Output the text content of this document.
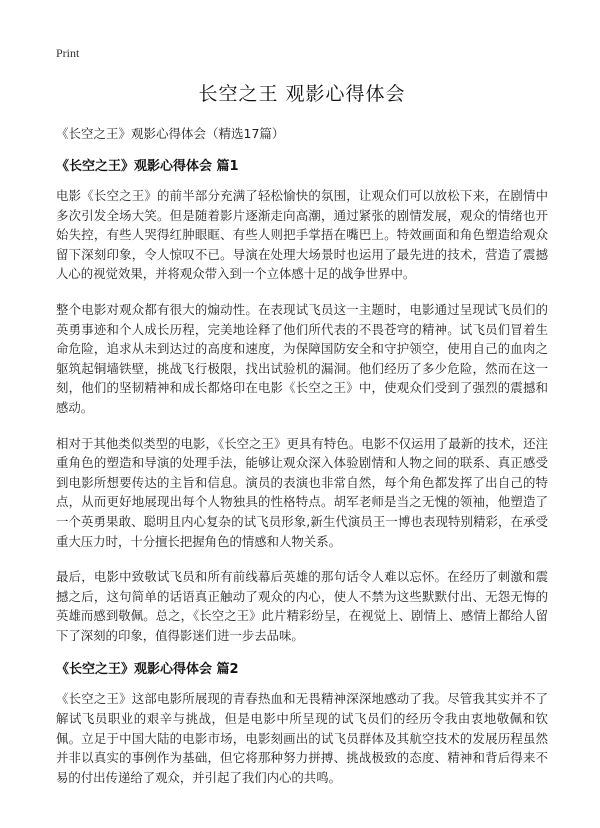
Print
长空之王 观影心得体会
《长空之王》观影心得体会（精选17篇）
《长空之王》观影心得体会 篇1

电影《长空之王》的前半部分充满了轻松愉快的氛围，让观众们可以放松下来，在剧情中多次引发全场大笑。但是随着影片逐渐走向高潮，通过紧张的剧情发展，观众的情绪也开始失控，有些人哭得红肿眼眶、有些人则把手掌捂在嘴巴上。特效画面和角色塑造给观众留下深刻印象，令人惊叹不已。导演在处理大场景时也运用了最先进的技术，营造了震撼人心的视觉效果，并将观众带入到一个立体感十足的战争世界中。

整个电影对观众都有很大的煽动性。在表现试飞员这一主题时，电影通过呈现试飞员们的英勇事迹和个人成长历程，完美地诠释了他们所代表的不畏苍穹的精神。试飞员们冒着生命危险，追求从未到达过的高度和速度，为保障国防安全和守护领空，使用自己的血肉之躯筑起铜墙铁壁，挑战飞行极限，找出试验机的漏洞。他们经历了多少危险，然而在这一刻，他们的坚韧精神和成长都烙印在电影《长空之王》中，使观众们受到了强烈的震撼和感动。

相对于其他类似类型的电影，《长空之王》更具有特色。电影不仅运用了最新的技术，还注重角色的塑造和导演的处理手法，能够让观众深入体验剧情和人物之间的联系、真正感受到电影所想要传达的主旨和信息。演员的表演也非常自然，每个角色都发挥了出自己的特点，从而更好地展现出每个人物独具的性格特点。胡军老师是当之无愧的领袖，他塑造了一个英勇果敢、聪明且内心复杂的试飞员形象,新生代演员王一博也表现特别精彩，在承受重大压力时，十分擅长把握角色的情感和人物关系。

最后，电影中致敬试飞员和所有前线幕后英雄的那句话令人难以忘怀。在经历了刺激和震撼之后，这句简单的话语真正触动了观众的内心，使人不禁为这些默默付出、无怨无悔的英雄而感到敬佩。总之，《长空之王》此片精彩纷呈，在视觉上、剧情上、感情上都给人留下了深刻的印象，值得影迷们进一步去品味。

《长空之王》观影心得体会 篇2

《长空之王》这部电影所展现的青春热血和无畏精神深深地感动了我。尽管我其实并不了解试飞员职业的艰辛与挑战，但是电影中所呈现的试飞员们的经历令我由衷地敬佩和钦佩。立足于中国大陆的电影市场，电影刻画出的试飞员群体及其航空技术的发展历程虽然并非以真实的事例作为基础，但它将那种努力拼搏、挑战极致的态度、精神和背后得来不易的付出传递给了观众，并引起了我们内心的共鸣。
